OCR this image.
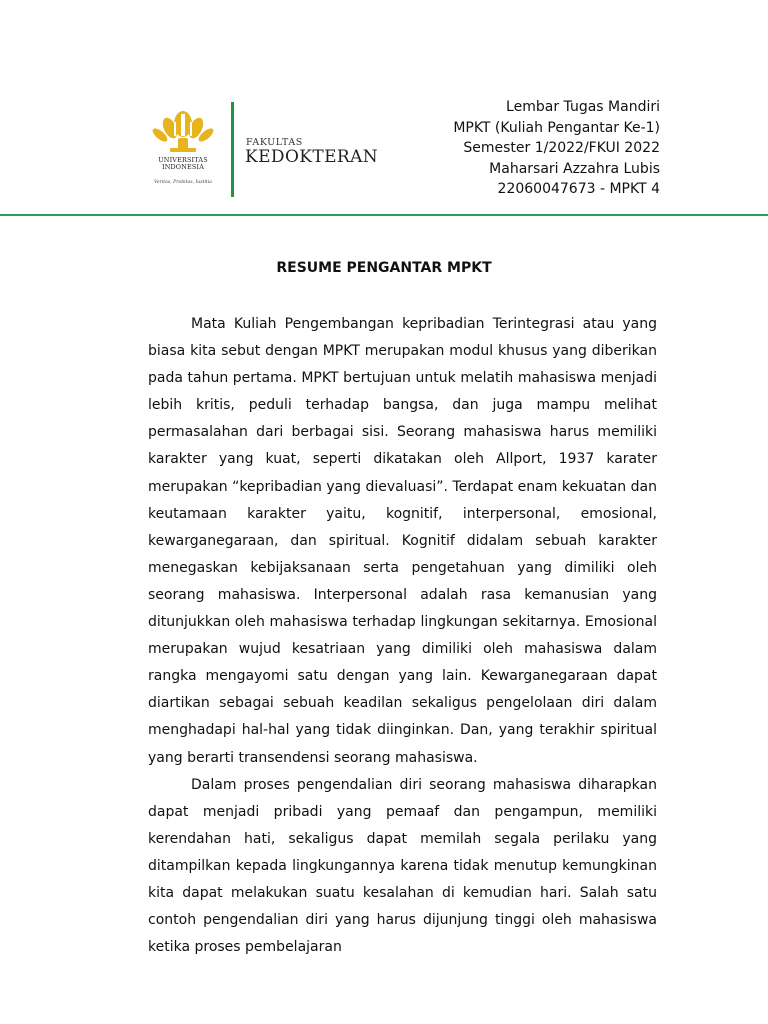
UNIVERSITAS
INDONESIA
Veritas, Probitas, Iustitia
FAKULTAS
KEDOKTERAN
Lembar Tugas Mandiri
MPKT (Kuliah Pengantar Ke-1)
Semester 1/2022/FKUI 2022
Maharsari Azzahra Lubis
22060047673 - MPKT 4
RESUME PENGANTAR MPKT

Mata Kuliah Pengembangan kepribadian Terintegrasi atau yang biasa kita sebut dengan MPKT merupakan modul khusus yang diberikan pada tahun pertama. MPKT bertujuan untuk melatih mahasiswa menjadi lebih kritis, peduli terhadap bangsa, dan juga mampu melihat permasalahan dari berbagai sisi. Seorang mahasiswa harus memiliki karakter yang kuat, seperti dikatakan oleh Allport, 1937 karater merupakan “kepribadian yang dievaluasi”. Terdapat enam kekuatan dan keutamaan karakter yaitu, kognitif, interpersonal, emosional, kewarganegaraan, dan spiritual. Kognitif didalam sebuah karakter menegaskan kebijaksanaan serta pengetahuan yang dimiliki oleh seorang mahasiswa. Interpersonal adalah rasa kemanusian yang ditunjukkan oleh mahasiswa terhadap lingkungan sekitarnya. Emosional merupakan wujud kesatriaan yang dimiliki oleh mahasiswa dalam rangka mengayomi satu dengan yang lain. Kewarganegaraan dapat diartikan sebagai sebuah keadilan sekaligus pengelolaan diri dalam menghadapi hal-hal yang tidak diinginkan. Dan, yang terakhir spiritual yang berarti transendensi seorang mahasiswa.

Dalam proses pengendalian diri seorang mahasiswa diharapkan dapat menjadi pribadi yang pemaaf dan pengampun, memiliki kerendahan hati, sekaligus dapat memilah segala perilaku yang ditampilkan kepada lingkungannya karena tidak menutup kemungkinan kita dapat melakukan suatu kesalahan di kemudian hari. Salah satu contoh pengendalian diri yang harus dijunjung tinggi oleh mahasiswa ketika proses pembelajaran
